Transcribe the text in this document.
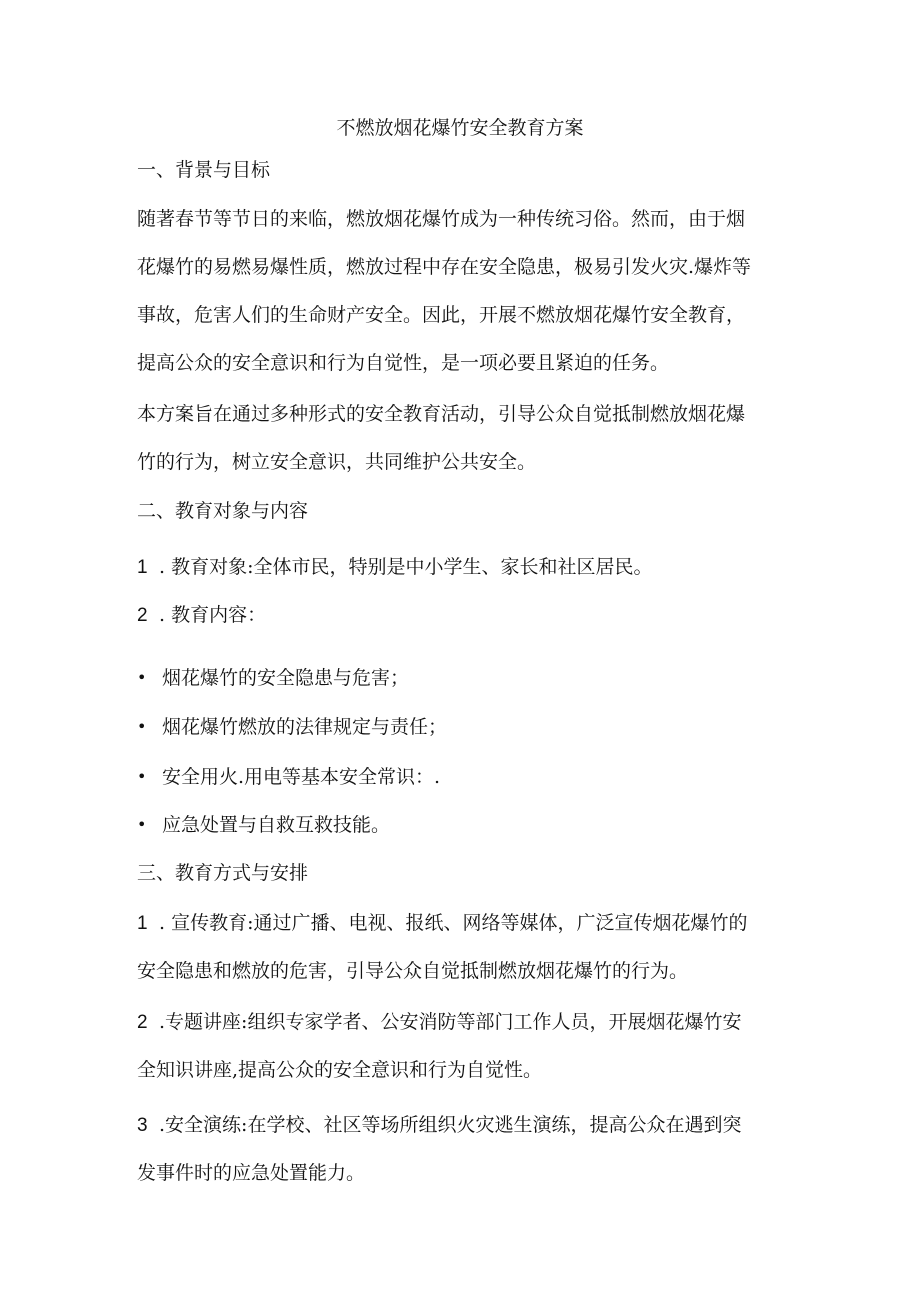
不燃放烟花爆竹安全教育方案
一、背景与目标
随著春节等节日的来临，燃放烟花爆竹成为一种传统习俗。然而，由于烟
花爆竹的易燃易爆性质，燃放过程中存在安全隐患，极易引发火灾.爆炸等
事故，危害人们的生命财产安全。因此，开展不燃放烟花爆竹安全教育，
提高公众的安全意识和行为自觉性，是一项必要且紧迫的任务。
本方案旨在通过多种形式的安全教育活动，引导公众自觉抵制燃放烟花爆
竹的行为，树立安全意识，共同维护公共安全。
二、教育对象与内容
1 . 教育对象:全体市民，特别是中小学生、家长和社区居民。
2 . 教育内容：
• 烟花爆竹的安全隐患与危害；
• 烟花爆竹燃放的法律规定与责任；
• 安全用火.用电等基本安全常识：.
• 应急处置与自救互救技能。
三、教育方式与安排
1 . 宣传教育:通过广播、电视、报纸、网络等媒体，广泛宣传烟花爆竹的
安全隐患和燃放的危害，引导公众自觉抵制燃放烟花爆竹的行为。
2 .专题讲座:组织专家学者、公安消防等部门工作人员，开展烟花爆竹安
全知识讲座,提高公众的安全意识和行为自觉性。
3 .安全演练:在学校、社区等场所组织火灾逃生演练，提高公众在遇到突
发事件时的应急处置能力。
